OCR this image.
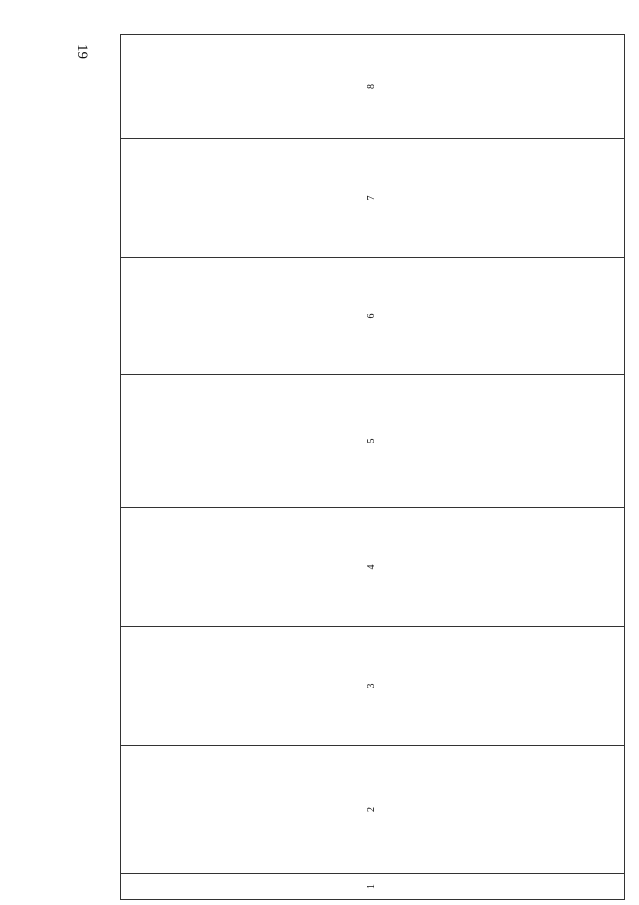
19
1	2	3	4	5	6	7	8
